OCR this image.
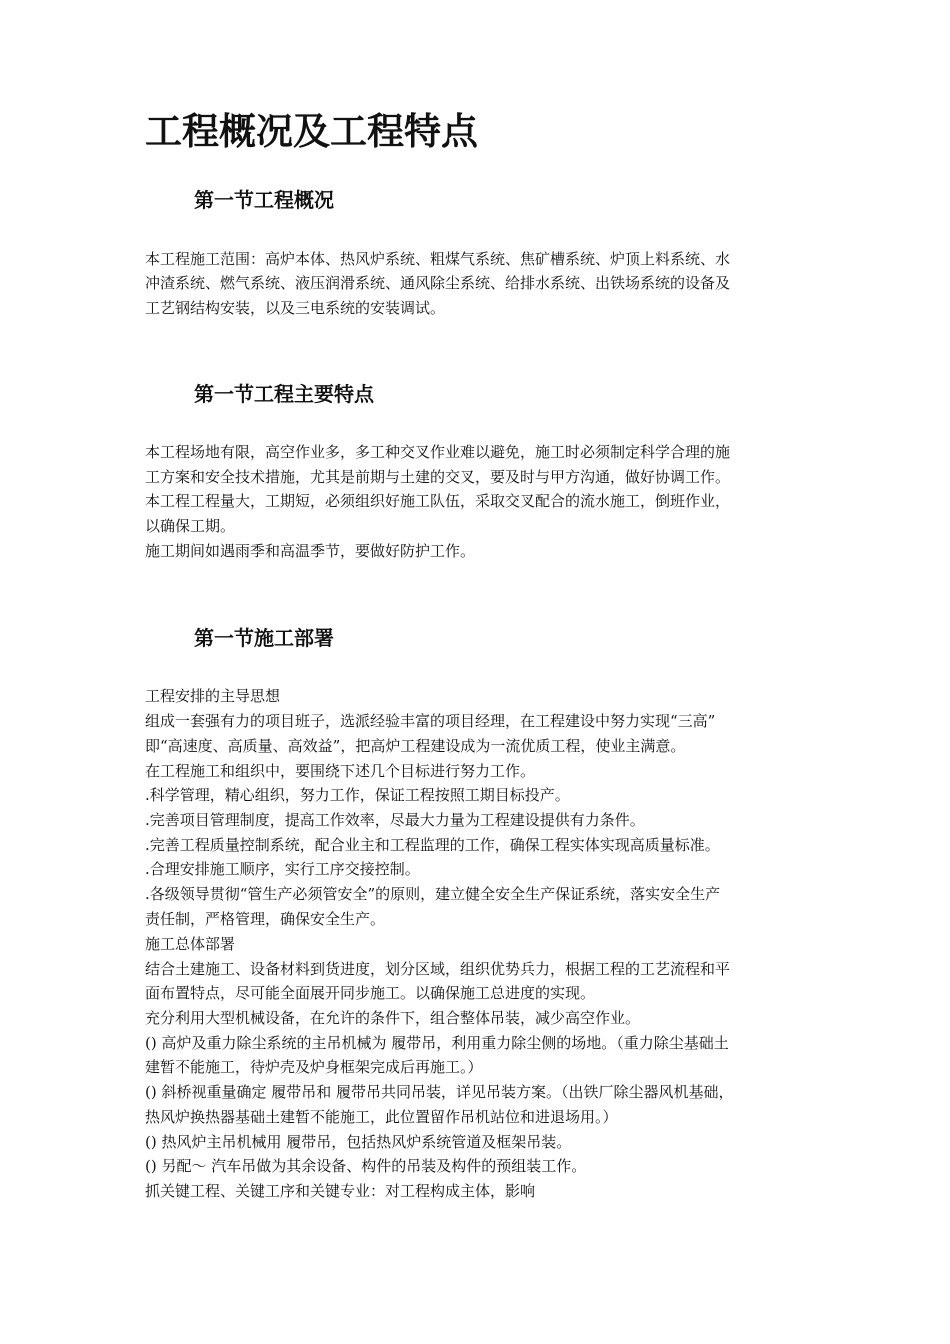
工程概况及工程特点
第一节工程概况

本工程施工范围：高炉本体、热风炉系统、粗煤气系统、焦矿槽系统、炉顶上料系统、水

冲渣系统、燃气系统、液压润滑系统、通风除尘系统、给排水系统、出铁场系统的设备及

工艺钢结构安装，以及三电系统的安装调试。

第一节工程主要特点

本工程场地有限，高空作业多，多工种交叉作业难以避免，施工时必须制定科学合理的施

工方案和安全技术措施，尤其是前期与土建的交叉，要及时与甲方沟通，做好协调工作。

本工程工程量大，工期短，必须组织好施工队伍，采取交叉配合的流水施工，倒班作业，

以确保工期。

施工期间如遇雨季和高温季节，要做好防护工作。

第一节施工部署

工程安排的主导思想

组成一套强有力的项目班子，选派经验丰富的项目经理，在工程建设中努力实现“三高”

即“高速度、高质量、高效益”，把高炉工程建设成为一流优质工程，使业主满意。

在工程施工和组织中，要围绕下述几个目标进行努力工作。

.科学管理，精心组织，努力工作，保证工程按照工期目标投产。

.完善项目管理制度，提高工作效率，尽最大力量为工程建设提供有力条件。

.完善工程质量控制系统，配合业主和工程监理的工作，确保工程实体实现高质量标准。

.合理安排施工顺序，实行工序交接控制。

.各级领导贯彻“管生产必须管安全”的原则，建立健全安全生产保证系统，落实安全生产

责任制，严格管理，确保安全生产。

施工总体部署

结合土建施工、设备材料到货进度，划分区域，组织优势兵力，根据工程的工艺流程和平

面布置特点，尽可能全面展开同步施工。以确保施工总进度的实现。

充分利用大型机械设备，在允许的条件下，组合整体吊装，减少高空作业。

() 高炉及重力除尘系统的主吊机械为 履带吊，利用重力除尘侧的场地。（重力除尘基础土

建暂不能施工，待炉壳及炉身框架完成后再施工。）

() 斜桥视重量确定 履带吊和 履带吊共同吊装，详见吊装方案。（出铁厂除尘器风机基础，

热风炉换热器基础土建暂不能施工，此位置留作吊机站位和进退场用。）

() 热风炉主吊机械用 履带吊，包括热风炉系统管道及框架吊装。

() 另配～ 汽车吊做为其余设备、构件的吊装及构件的预组装工作。

抓关键工程、关键工序和关键专业：对工程构成主体，影响
